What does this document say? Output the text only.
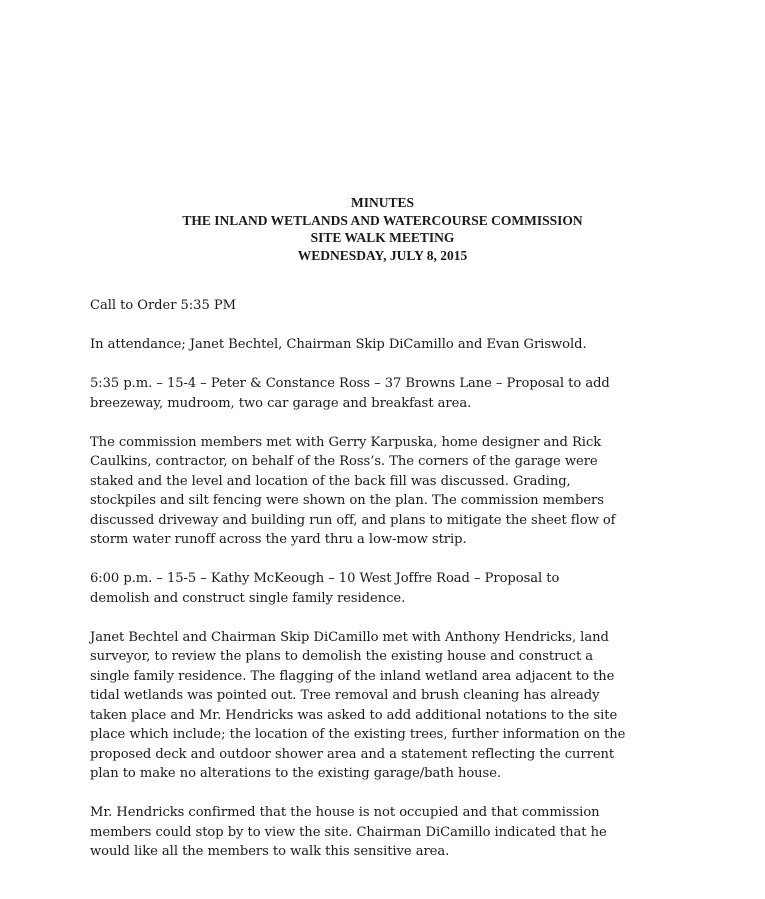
MINUTES
THE INLAND WETLANDS AND WATERCOURSE COMMISSION
SITE WALK MEETING
WEDNESDAY, JULY 8, 2015

Call to Order 5:35 PM

In attendance; Janet Bechtel, Chairman Skip DiCamillo and Evan Griswold.

5:35 p.m. – 15-4 – Peter & Constance Ross – 37 Browns Lane – Proposal to add
breezeway, mudroom, two car garage and breakfast area.

The commission members met with Gerry Karpuska, home designer and Rick
Caulkins, contractor, on behalf of the Ross’s. The corners of the garage were
staked and the level and location of the back fill was discussed. Grading,
stockpiles and silt fencing were shown on the plan. The commission members
discussed driveway and building run off, and plans to mitigate the sheet flow of
storm water runoff across the yard thru a low-mow strip.

6:00 p.m. – 15-5 – Kathy McKeough – 10 West Joffre Road – Proposal to
demolish and construct single family residence.

Janet Bechtel and Chairman Skip DiCamillo met with Anthony Hendricks, land
surveyor, to review the plans to demolish the existing house and construct a
single family residence. The flagging of the inland wetland area adjacent to the
tidal wetlands was pointed out. Tree removal and brush cleaning has already
taken place and Mr. Hendricks was asked to add additional notations to the site
place which include; the location of the existing trees, further information on the
proposed deck and outdoor shower area and a statement reflecting the current
plan to make no alterations to the existing garage/bath house.

Mr. Hendricks confirmed that the house is not occupied and that commission
members could stop by to view the site. Chairman DiCamillo indicated that he
would like all the members to walk this sensitive area.
